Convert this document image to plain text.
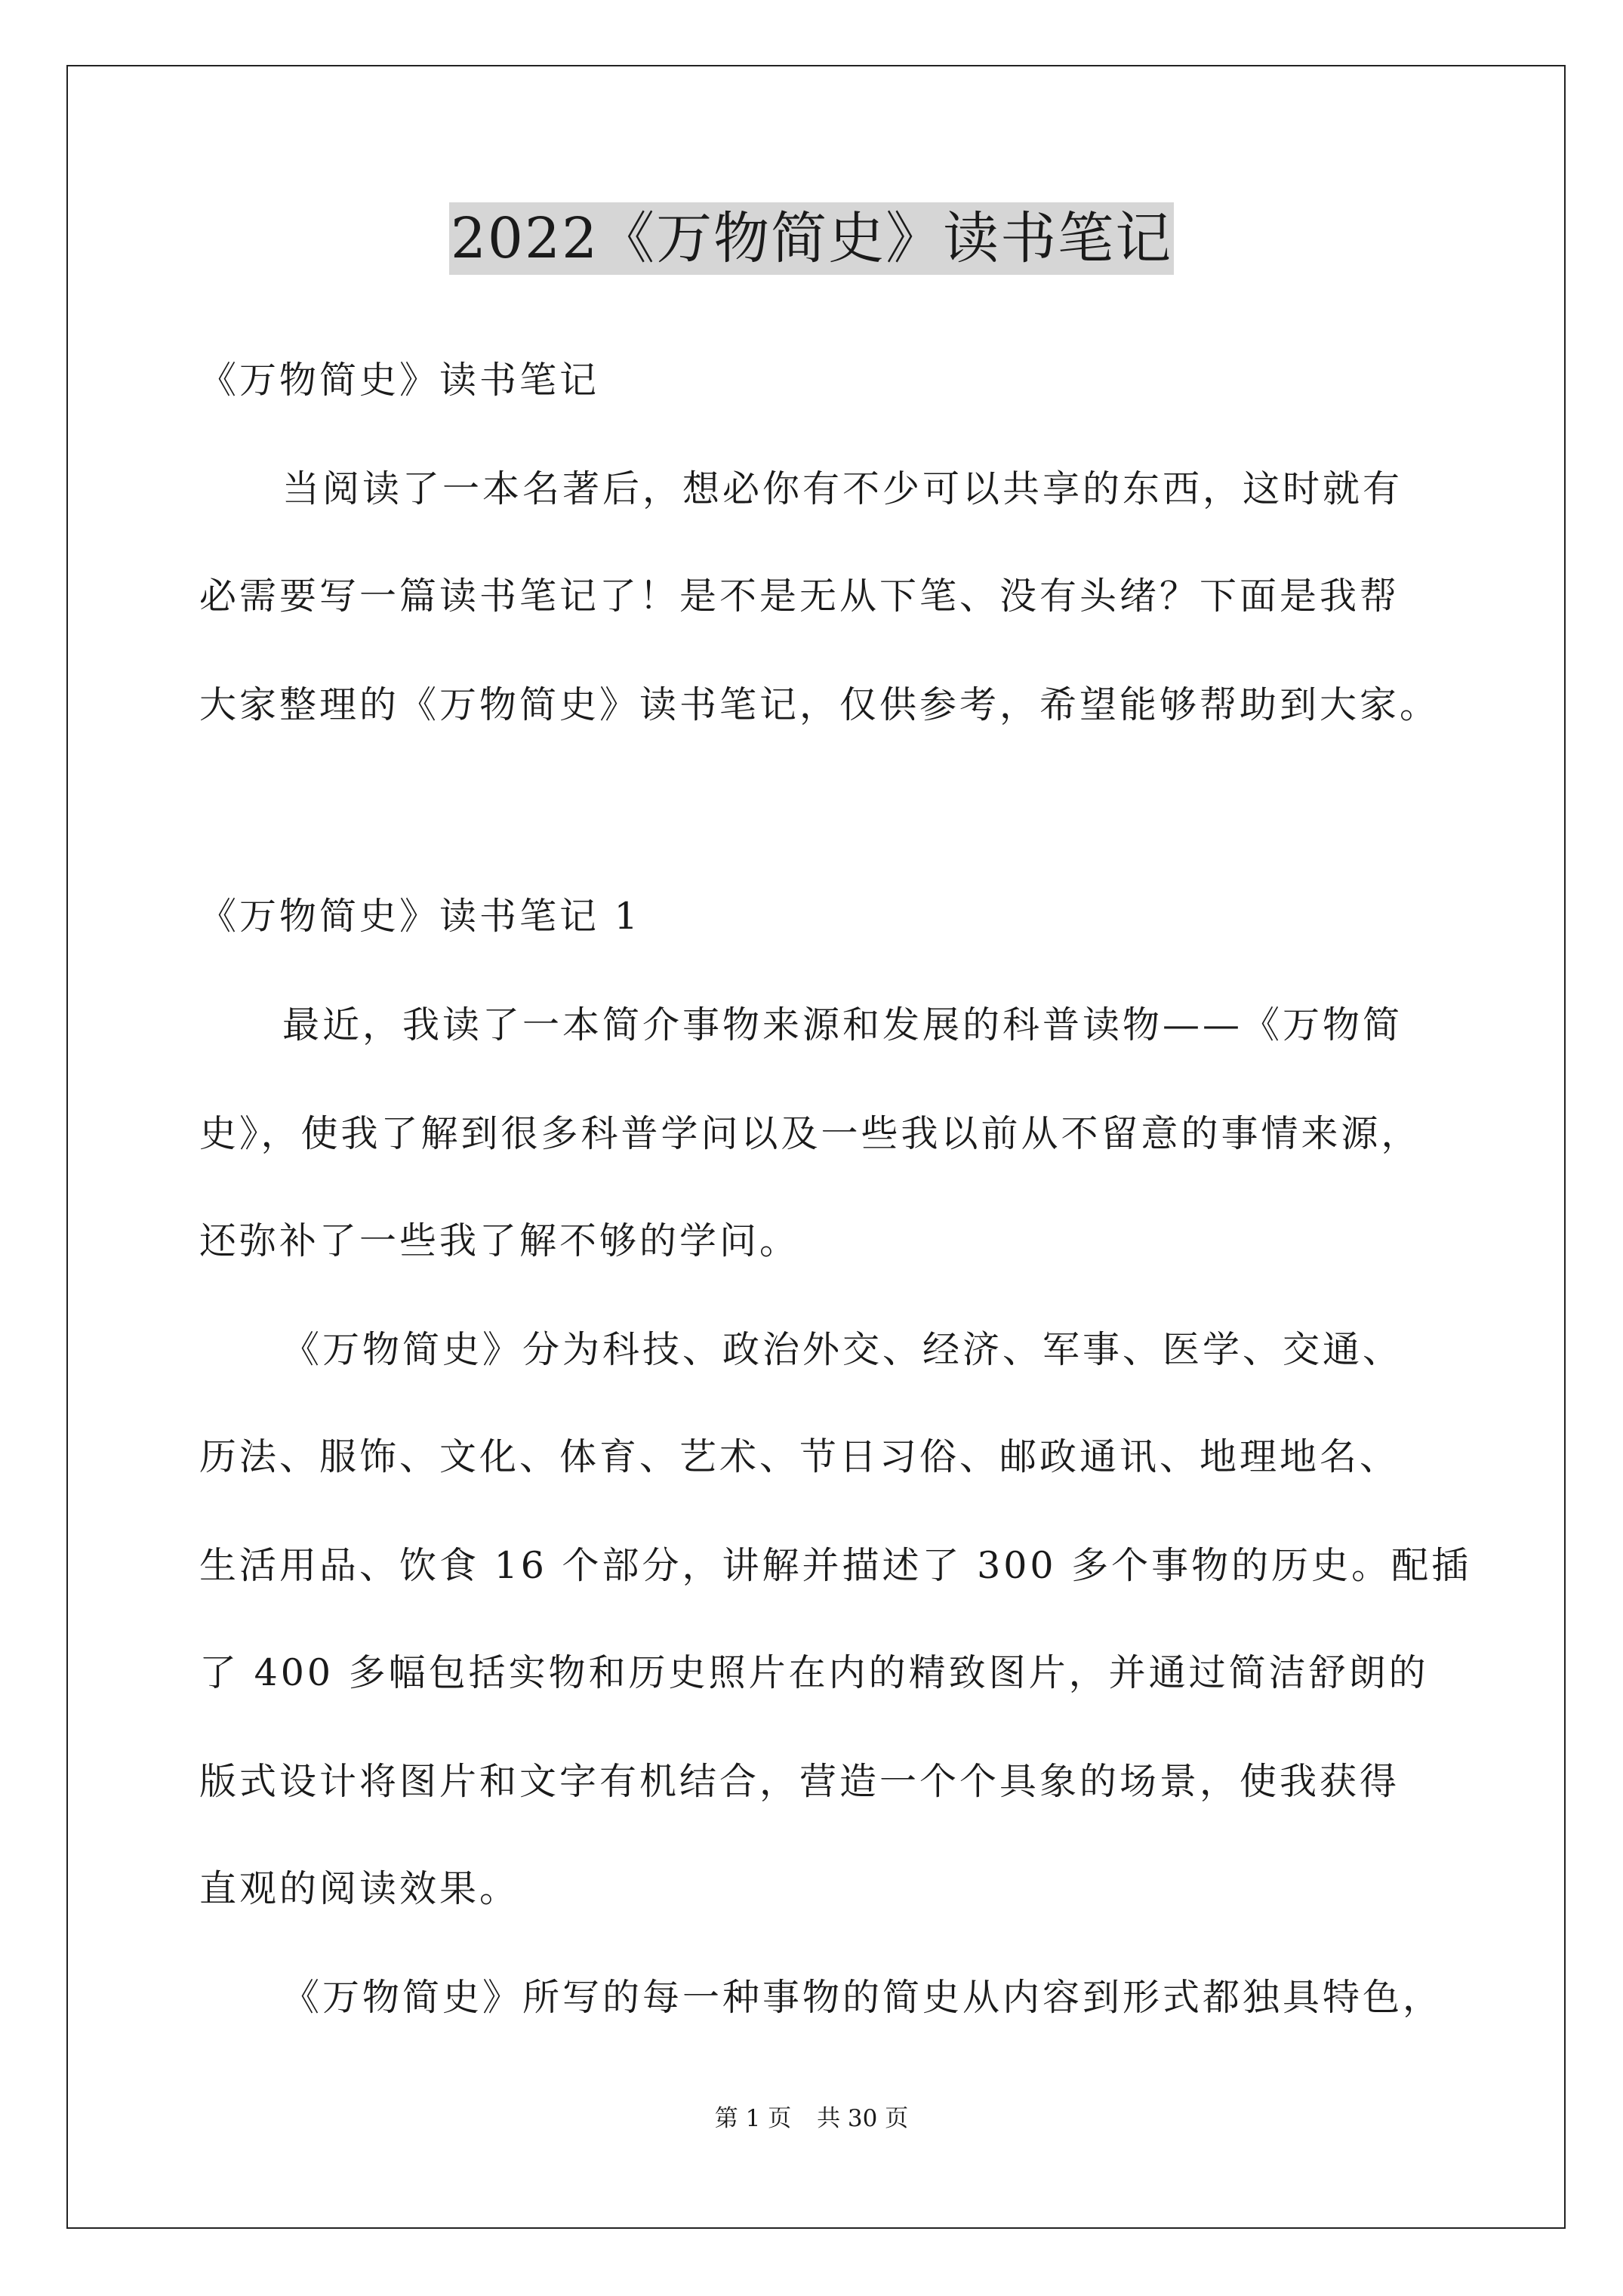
2022《万物简史》读书笔记
《万物简史》读书笔记
当阅读了一本名著后，想必你有不少可以共享的东西，这时就有
必需要写一篇读书笔记了！是不是无从下笔、没有头绪？下面是我帮
大家整理的《万物简史》读书笔记，仅供参考，希望能够帮助到大家。
《万物简史》读书笔记 1
最近，我读了一本简介事物来源和发展的科普读物——《万物简
史》，使我了解到很多科普学问以及一些我以前从不留意的事情来源，
还弥补了一些我了解不够的学问。
《万物简史》分为科技、政治外交、经济、军事、医学、交通、
历法、服饰、文化、体育、艺术、节日习俗、邮政通讯、地理地名、
生活用品、饮食 16 个部分，讲解并描述了 300 多个事物的历史。配插
了 400 多幅包括实物和历史照片在内的精致图片，并通过简洁舒朗的
版式设计将图片和文字有机结合，营造一个个具象的场景，使我获得
直观的阅读效果。
《万物简史》所写的每一种事物的简史从内容到形式都独具特色，
第 1 页 共 30 页
